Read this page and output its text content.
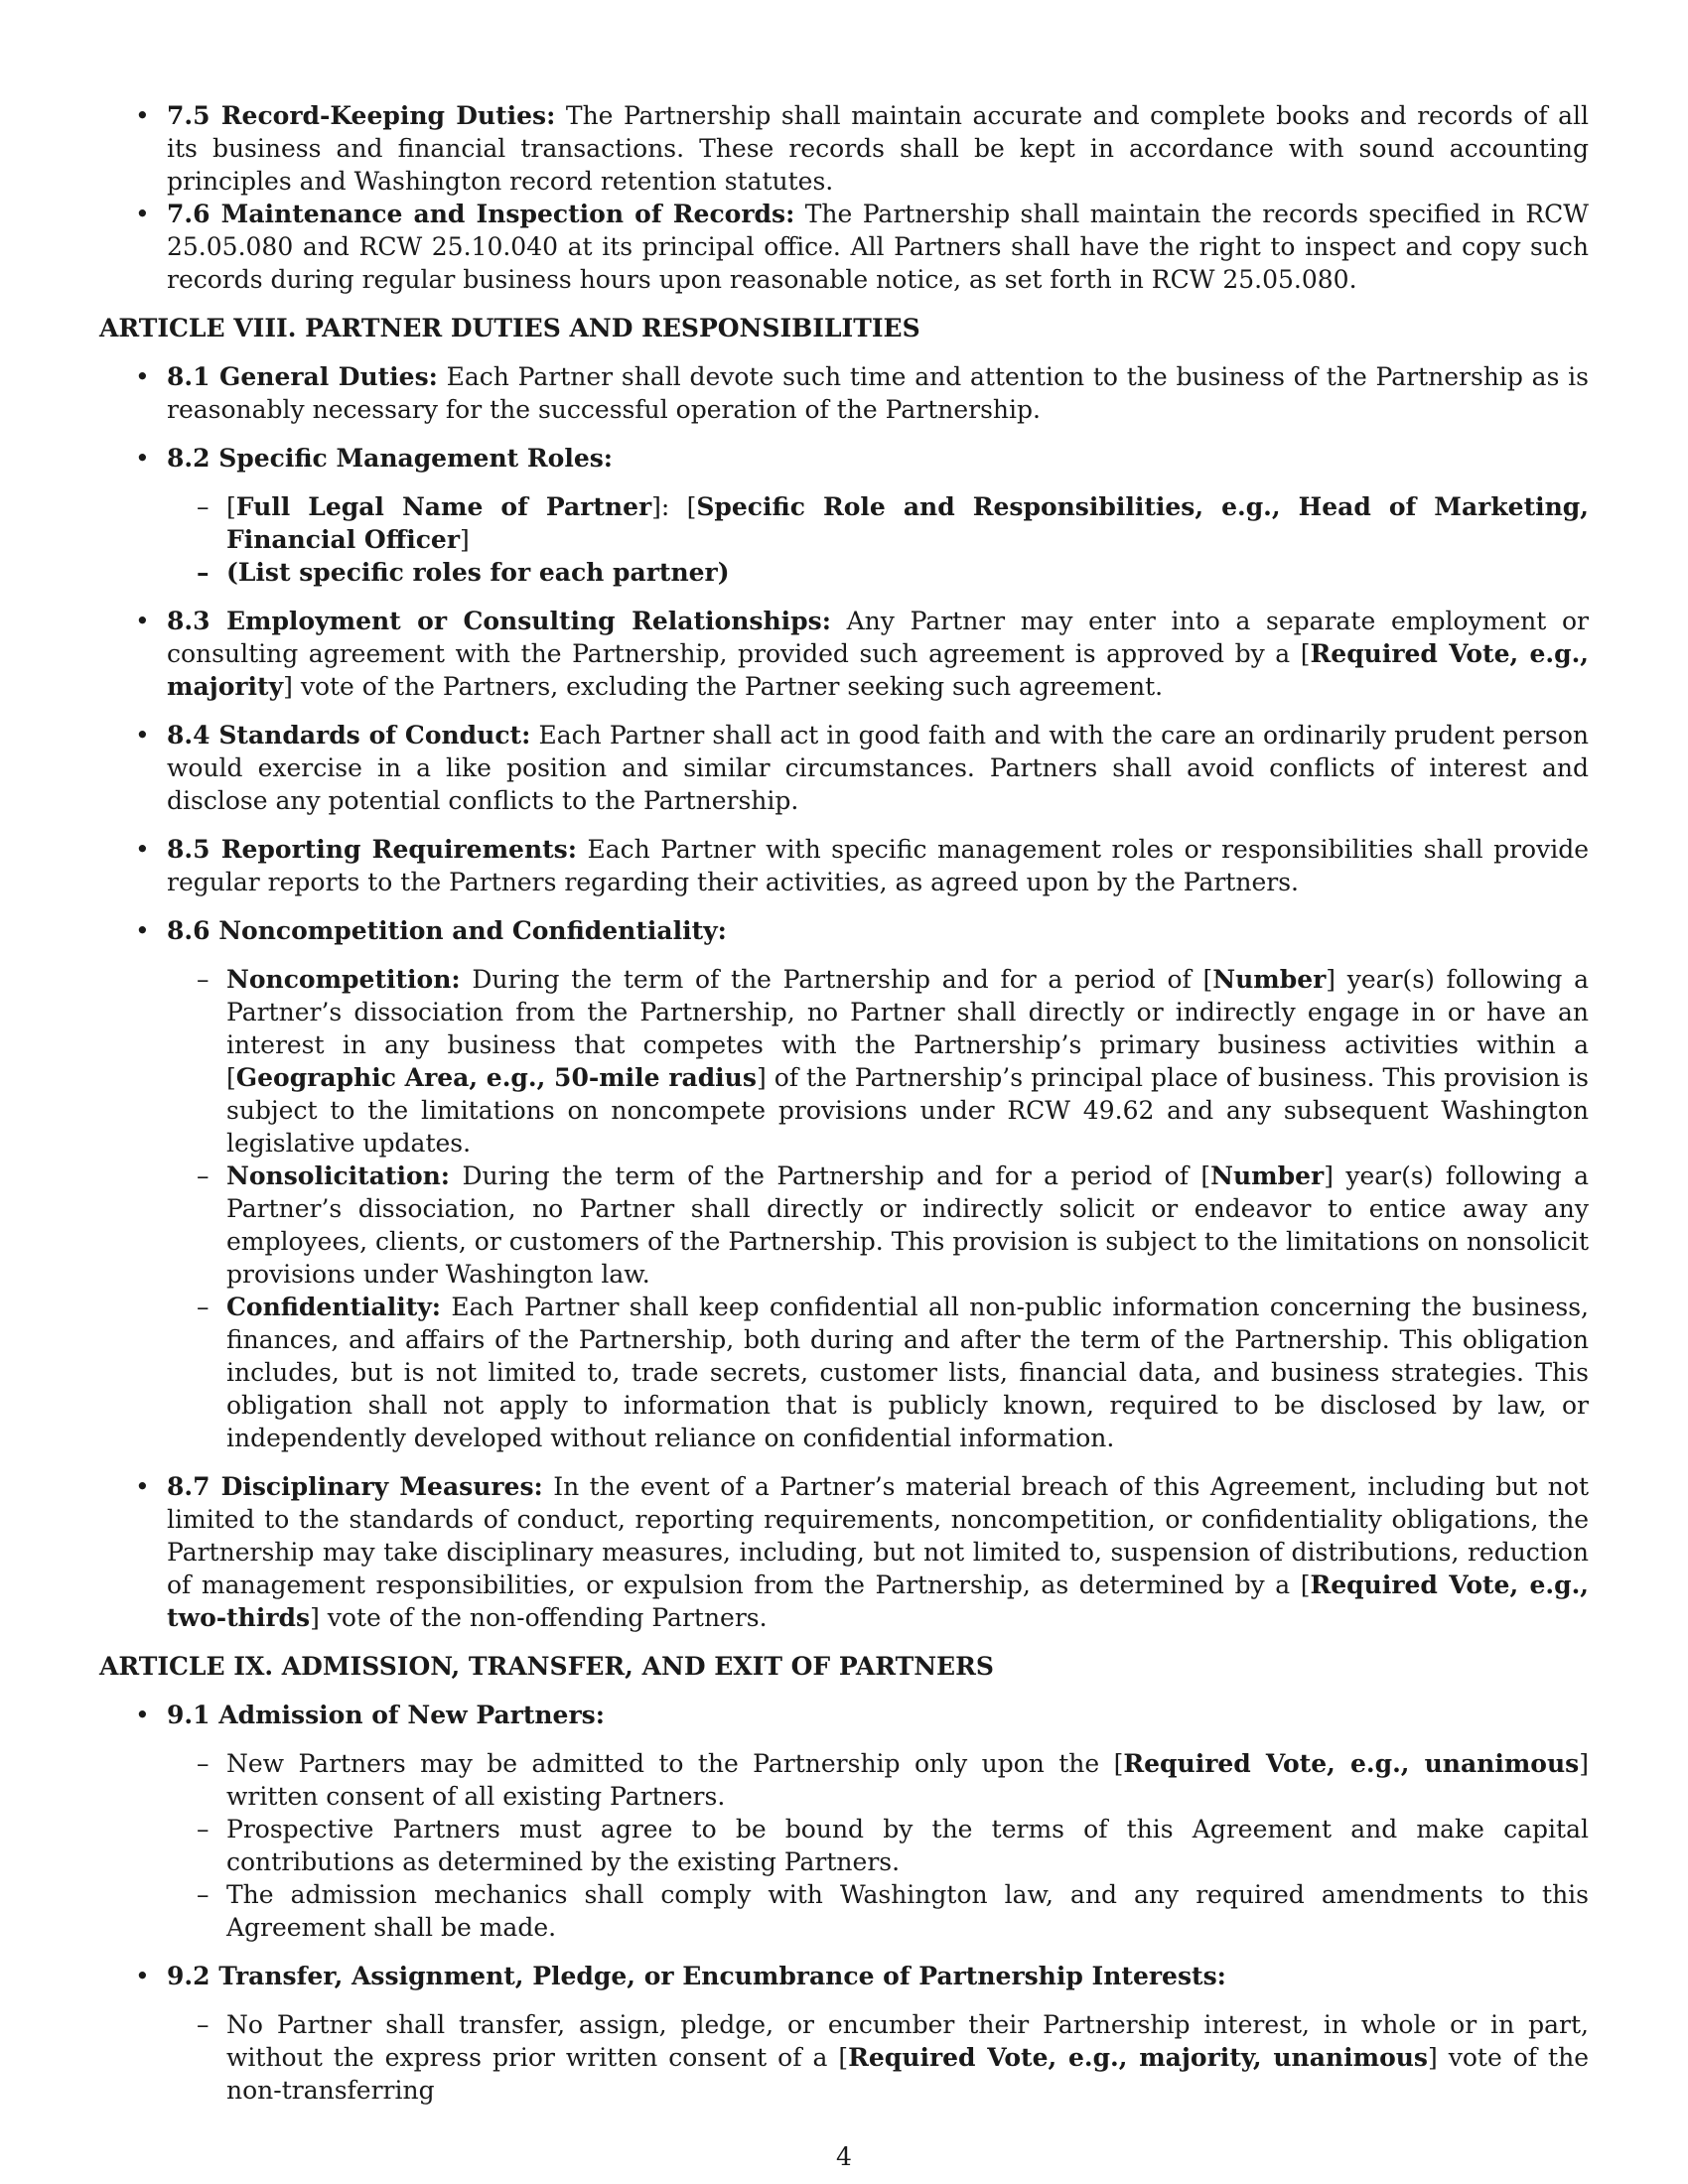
• 7.5 Record-Keeping Duties: The Partnership shall maintain accurate and complete books and records of all its business and financial transactions. These records shall be kept in accordance with sound accounting principles and Washington record retention statutes.
• 7.6 Maintenance and Inspection of Records: The Partnership shall maintain the records specified in RCW 25.05.080 and RCW 25.10.040 at its principal office. All Partners shall have the right to inspect and copy such records during regular business hours upon reasonable notice, as set forth in RCW 25.05.080.
ARTICLE VIII. PARTNER DUTIES AND RESPONSIBILITIES
• 8.1 General Duties: Each Partner shall devote such time and attention to the business of the Partnership as is reasonably necessary for the successful operation of the Partnership.
• 8.2 Specific Management Roles:
– [Full Legal Name of Partner]: [Specific Role and Responsibilities, e.g., Head of Marketing, Financial Officer]
– (List specific roles for each partner)
• 8.3 Employment or Consulting Relationships: Any Partner may enter into a separate employment or consulting agreement with the Partnership, provided such agreement is approved by a [Required Vote, e.g., majority] vote of the Partners, excluding the Partner seeking such agreement.
• 8.4 Standards of Conduct: Each Partner shall act in good faith and with the care an ordinarily prudent person would exercise in a like position and similar circumstances. Partners shall avoid conflicts of interest and disclose any potential conflicts to the Partnership.
• 8.5 Reporting Requirements: Each Partner with specific management roles or responsibilities shall provide regular reports to the Partners regarding their activities, as agreed upon by the Partners.
• 8.6 Noncompetition and Confidentiality:
– Noncompetition: During the term of the Partnership and for a period of [Number] year(s) following a Partner’s dissociation from the Partnership, no Partner shall directly or indirectly engage in or have an interest in any business that competes with the Partnership’s primary business activities within a [Geographic Area, e.g., 50-mile radius] of the Partnership’s principal place of business. This provision is subject to the limitations on noncompete provisions under RCW 49.62 and any subsequent Washington legislative updates.
– Nonsolicitation: During the term of the Partnership and for a period of [Number] year(s) following a Partner’s dissociation, no Partner shall directly or indirectly solicit or endeavor to entice away any employees, clients, or customers of the Partnership. This provision is subject to the limitations on nonsolicit provisions under Washington law.
– Confidentiality: Each Partner shall keep confidential all non-public information concerning the business, finances, and affairs of the Partnership, both during and after the term of the Partnership. This obligation includes, but is not limited to, trade secrets, customer lists, financial data, and business strategies. This obligation shall not apply to information that is publicly known, required to be disclosed by law, or independently developed without reliance on confidential information.
• 8.7 Disciplinary Measures: In the event of a Partner’s material breach of this Agreement, including but not limited to the standards of conduct, reporting requirements, noncompetition, or confidentiality obligations, the Partnership may take disciplinary measures, including, but not limited to, suspension of distributions, reduction of management responsibilities, or expulsion from the Partnership, as determined by a [Required Vote, e.g., two-thirds] vote of the non-offending Partners.
ARTICLE IX. ADMISSION, TRANSFER, AND EXIT OF PARTNERS
• 9.1 Admission of New Partners:
– New Partners may be admitted to the Partnership only upon the [Required Vote, e.g., unanimous] written consent of all existing Partners.
– Prospective Partners must agree to be bound by the terms of this Agreement and make capital contributions as determined by the existing Partners.
– The admission mechanics shall comply with Washington law, and any required amendments to this Agreement shall be made.
• 9.2 Transfer, Assignment, Pledge, or Encumbrance of Partnership Interests:
– No Partner shall transfer, assign, pledge, or encumber their Partnership interest, in whole or in part, without the express prior written consent of a [Required Vote, e.g., majority, unanimous] vote of the non-transferring
4
